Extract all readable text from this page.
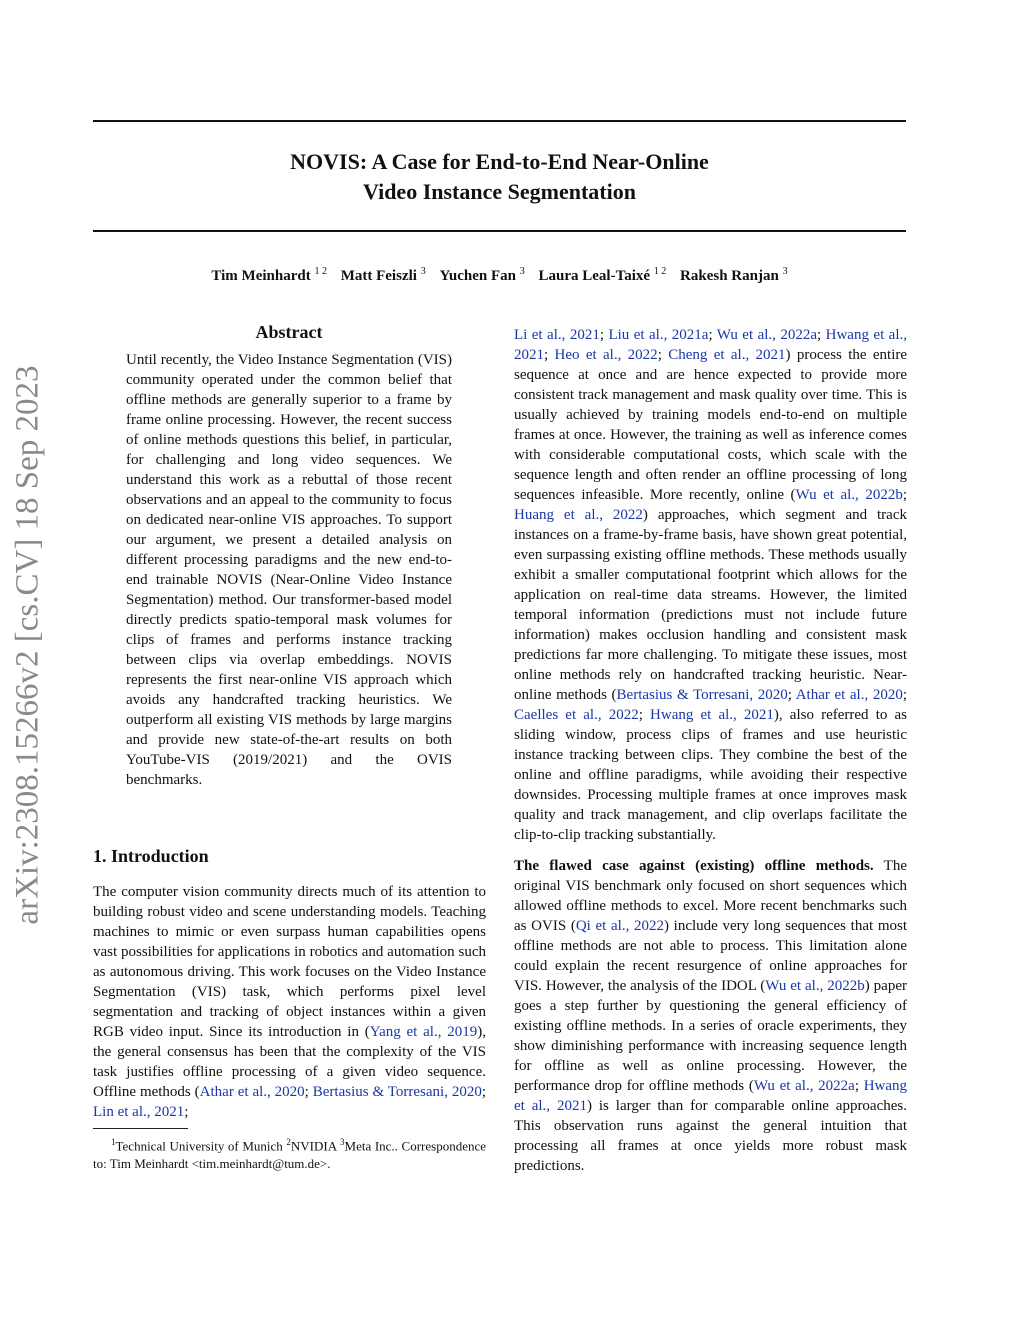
arXiv:2308.15266v2 [cs.CV] 18 Sep 2023
NOVIS: A Case for End-to-End Near-Online
Video Instance Segmentation
Tim Meinhardt $^{1 2}$ Matt Feiszli $^3$ Yuchen Fan $^3$ Laura Leal-Taixé $^{1 2}$ Rakesh Ranjan $^3$
Abstract

Until recently, the Video Instance Segmentation (VIS) community operated under the common belief that offline methods are generally superior to a frame by frame online processing. However, the recent success of online methods questions this belief, in particular, for challenging and long video sequences. We understand this work as a rebuttal of those recent observations and an appeal to the community to focus on dedicated near-online VIS approaches. To support our argument, we present a detailed analysis on different processing paradigms and the new end-to-end trainable NOVIS (Near-Online Video Instance Segmentation) method. Our transformer-based model directly predicts spatio-temporal mask volumes for clips of frames and performs instance tracking between clips via overlap embeddings. NOVIS represents the first near-online VIS approach which avoids any handcrafted tracking heuristics. We outperform all existing VIS methods by large margins and provide new state-of-the-art results on both YouTube-VIS (2019/2021) and the OVIS benchmarks.

1. Introduction

The computer vision community directs much of its attention to building robust video and scene understanding models. Teaching machines to mimic or even surpass human capabilities opens vast possibilities for applications in robotics and automation such as autonomous driving. This work focuses on the Video Instance Segmentation (VIS) task, which performs pixel level segmentation and tracking of object instances within a given RGB video input. Since its introduction in (Yang et al., 2019), the general consensus has been that the complexity of the VIS task justifies offline processing of a given video sequence. Offline methods (Athar et al., 2020; Bertasius & Torresani, 2020; Lin et al., 2021;

$^1$Technical University of Munich $^2$NVIDIA $^3$Meta Inc.. Correspondence to: Tim Meinhardt <tim.meinhardt@tum.de>.

Li et al., 2021; Liu et al., 2021a; Wu et al., 2022a; Hwang et al., 2021; Heo et al., 2022; Cheng et al., 2021) process the entire sequence at once and are hence expected to provide more consistent track management and mask quality over time. This is usually achieved by training models end-to-end on multiple frames at once. However, the training as well as inference comes with considerable computational costs, which scale with the sequence length and often render an offline processing of long sequences infeasible. More recently, online (Wu et al., 2022b; Huang et al., 2022) approaches, which segment and track instances on a frame-by-frame basis, have shown great potential, even surpassing existing offline methods. These methods usually exhibit a smaller computational footprint which allows for the application on real-time data streams. However, the limited temporal information (predictions must not include future information) makes occlusion handling and consistent mask predictions far more challenging. To mitigate these issues, most online methods rely on handcrafted tracking heuristic. Near-online methods (Bertasius & Torresani, 2020; Athar et al., 2020; Caelles et al., 2022; Hwang et al., 2021), also referred to as sliding window, process clips of frames and use heuristic instance tracking between clips. They combine the best of the online and offline paradigms, while avoiding their respective downsides. Processing multiple frames at once improves mask quality and track management, and clip overlaps facilitate the clip-to-clip tracking substantially.

The flawed case against (existing) offline methods. The original VIS benchmark only focused on short sequences which allowed offline methods to excel. More recent benchmarks such as OVIS (Qi et al., 2022) include very long sequences that most offline methods are not able to process. This limitation alone could explain the recent resurgence of online approaches for VIS. However, the analysis of the IDOL (Wu et al., 2022b) paper goes a step further by questioning the general efficiency of existing offline methods. In a series of oracle experiments, they show diminishing performance with increasing sequence length for offline as well as online processing. However, the performance drop for offline methods (Wu et al., 2022a; Hwang et al., 2021) is larger than for comparable online approaches. This observation runs against the general intuition that processing all frames at once yields more robust mask predictions.
